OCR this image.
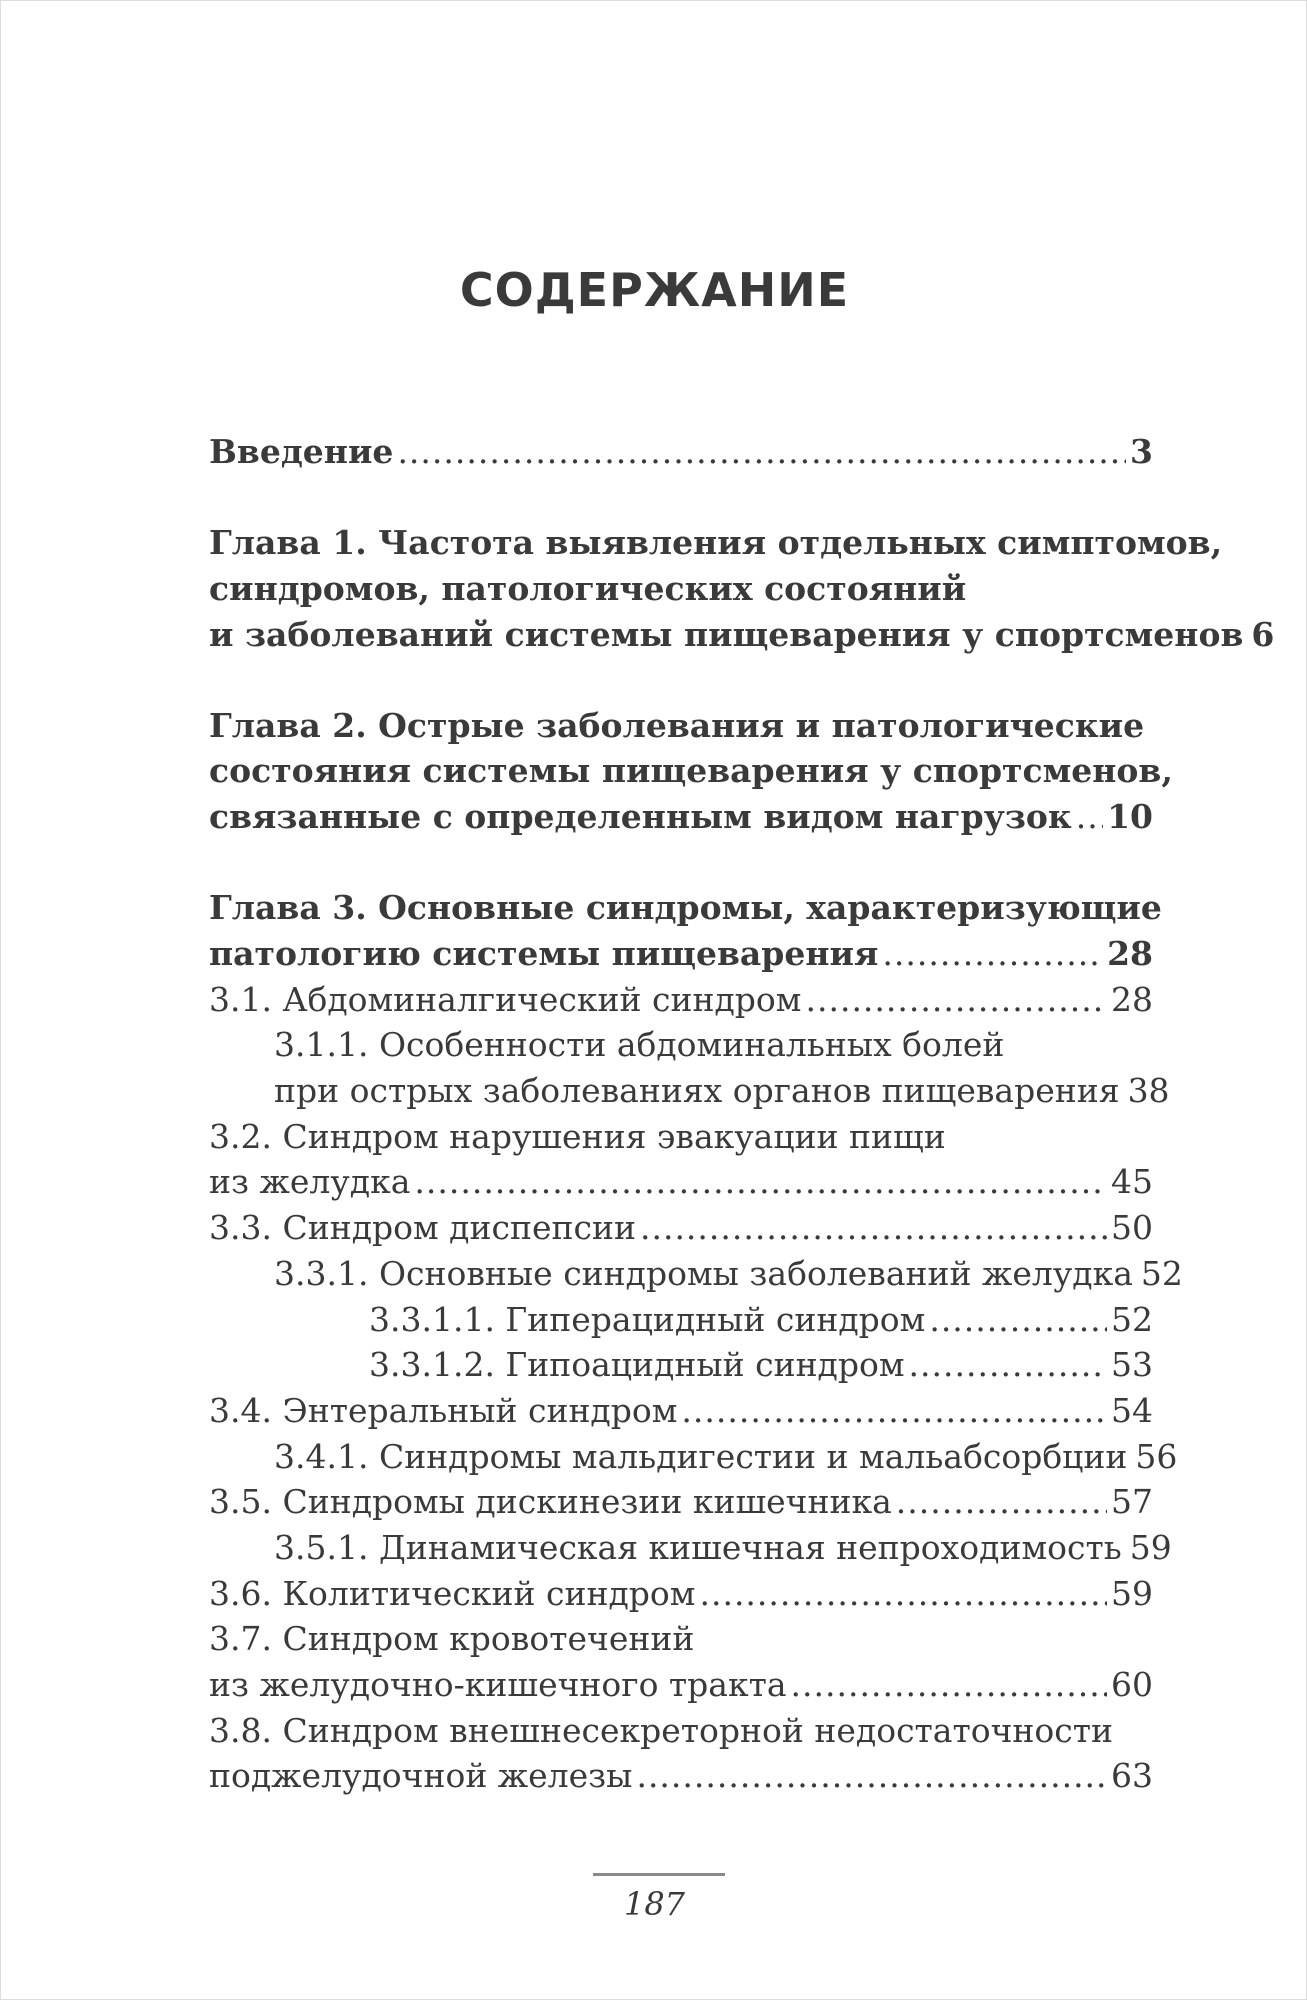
СОДЕРЖАНИЕ
Введение .....	3
Глава 1. Частота выявления отдельных симптомов,
синдромов, патологических состояний
и заболеваний системы пищеварения у спортсменов 6
Глава 2. Острые заболевания и патологические
состояния системы пищеварения у спортсменов,
связанные с определенным видом нагрузок ..... 10
Глава 3. Основные синдромы, характеризующие
патологию системы пищеварения .....	28
3.1. Абдоминалгический синдром .....	28
3.1.1. Особенности абдоминальных болей
при острых заболеваниях органов пищеварения 38
3.2. Синдром нарушения эвакуации пищи
из желудка .....	45
3.3. Синдром диспепсии .....	50
3.3.1. Основные синдромы заболеваний желудка 52
3.3.1.1. Гиперацидный синдром .....	52
3.3.1.2. Гипоацидный синдром .....	53
3.4. Энтеральный синдром .....	54
3.4.1. Синдромы мальдигестии и мальабсорбции 56
3.5. Синдромы дискинезии кишечника .....	57
3.5.1. Динамическая кишечная непроходимость 59
3.6. Колитический синдром .....	59
3.7. Синдром кровотечений
из желудочно-кишечного тракта .....	60
3.8. Синдром внешнесекреторной недостаточности
поджелудочной железы .....	63
187
